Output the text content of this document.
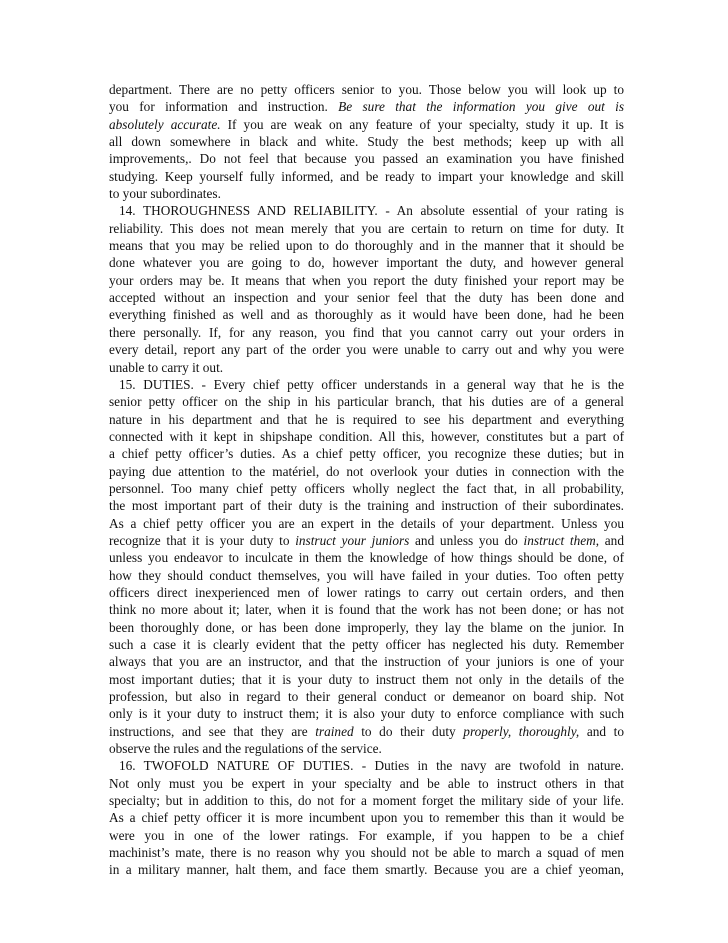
department. There are no petty officers senior to you. Those below you will look up to
you for information and instruction. Be sure that the information you give out is
absolutely accurate. If you are weak on any feature of your specialty, study it up. It is
all down somewhere in black and white. Study the best methods; keep up with all
improvements,. Do not feel that because you passed an examination you have finished
studying. Keep yourself fully informed, and be ready to impart your knowledge and skill
to your subordinates.
14. THOROUGHNESS AND RELIABILITY. - An absolute essential of your rating is
reliability. This does not mean merely that you are certain to return on time for duty. It
means that you may be relied upon to do thoroughly and in the manner that it should be
done whatever you are going to do, however important the duty, and however general
your orders may be. It means that when you report the duty finished your report may be
accepted without an inspection and your senior feel that the duty has been done and
everything finished as well and as thoroughly as it would have been done, had he been
there personally. If, for any reason, you find that you cannot carry out your orders in
every detail, report any part of the order you were unable to carry out and why you were
unable to carry it out.
15. DUTIES. - Every chief petty officer understands in a general way that he is the
senior petty officer on the ship in his particular branch, that his duties are of a general
nature in his department and that he is required to see his department and everything
connected with it kept in shipshape condition. All this, however, constitutes but a part of
a chief petty officer’s duties. As a chief petty officer, you recognize these duties; but in
paying due attention to the matériel, do not overlook your duties in connection with the
personnel. Too many chief petty officers wholly neglect the fact that, in all probability,
the most important part of their duty is the training and instruction of their subordinates.
As a chief petty officer you are an expert in the details of your department. Unless you
recognize that it is your duty to instruct your juniors and unless you do instruct them, and
unless you endeavor to inculcate in them the knowledge of how things should be done, of
how they should conduct themselves, you will have failed in your duties. Too often petty
officers direct inexperienced men of lower ratings to carry out certain orders, and then
think no more about it; later, when it is found that the work has not been done; or has not
been thoroughly done, or has been done improperly, they lay the blame on the junior. In
such a case it is clearly evident that the petty officer has neglected his duty. Remember
always that you are an instructor, and that the instruction of your juniors is one of your
most important duties; that it is your duty to instruct them not only in the details of the
profession, but also in regard to their general conduct or demeanor on board ship. Not
only is it your duty to instruct them; it is also your duty to enforce compliance with such
instructions, and see that they are trained to do their duty properly, thoroughly, and to
observe the rules and the regulations of the service.
16. TWOFOLD NATURE OF DUTIES. - Duties in the navy are twofold in nature.
Not only must you be expert in your specialty and be able to instruct others in that
specialty; but in addition to this, do not for a moment forget the military side of your life.
As a chief petty officer it is more incumbent upon you to remember this than it would be
were you in one of the lower ratings. For example, if you happen to be a chief
machinist’s mate, there is no reason why you should not be able to march a squad of men
in a military manner, halt them, and face them smartly. Because you are a chief yeoman,
